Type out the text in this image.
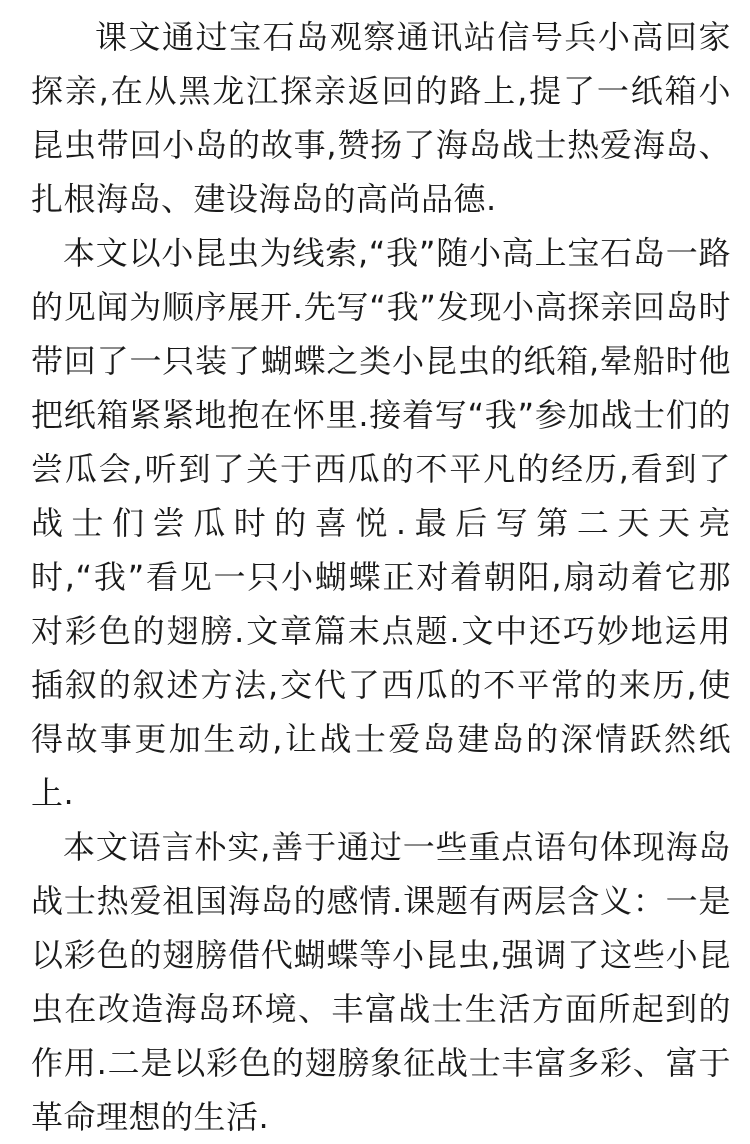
课文通过宝石岛观察通讯站信号兵小高回家探亲,在从黑龙江探亲返回的路上,提了一纸箱小昆虫带回小岛的故事,赞扬了海岛战士热爱海岛、扎根海岛、建设海岛的高尚品德.

本文以小昆虫为线索,“我”随小高上宝石岛一路的见闻为顺序展开.先写“我”发现小高探亲回岛时带回了一只装了蝴蝶之类小昆虫的纸箱,晕船时他把纸箱紧紧地抱在怀里.接着写“我”参加战士们的尝瓜会,听到了关于西瓜的不平凡的经历,看到了战士们尝瓜时的喜悦.最后写第二天天亮时,“我”看见一只小蝴蝶正对着朝阳,扇动着它那对彩色的翅膀.文章篇末点题.文中还巧妙地运用插叙的叙述方法,交代了西瓜的不平常的来历,使得故事更加生动,让战士爱岛建岛的深情跃然纸上.

本文语言朴实,善于通过一些重点语句体现海岛战士热爱祖国海岛的感情.课题有两层含义：一是以彩色的翅膀借代蝴蝶等小昆虫,强调了这些小昆虫在改造海岛环境、丰富战士生活方面所起到的作用.二是以彩色的翅膀象征战士丰富多彩、富于革命理想的生活.
